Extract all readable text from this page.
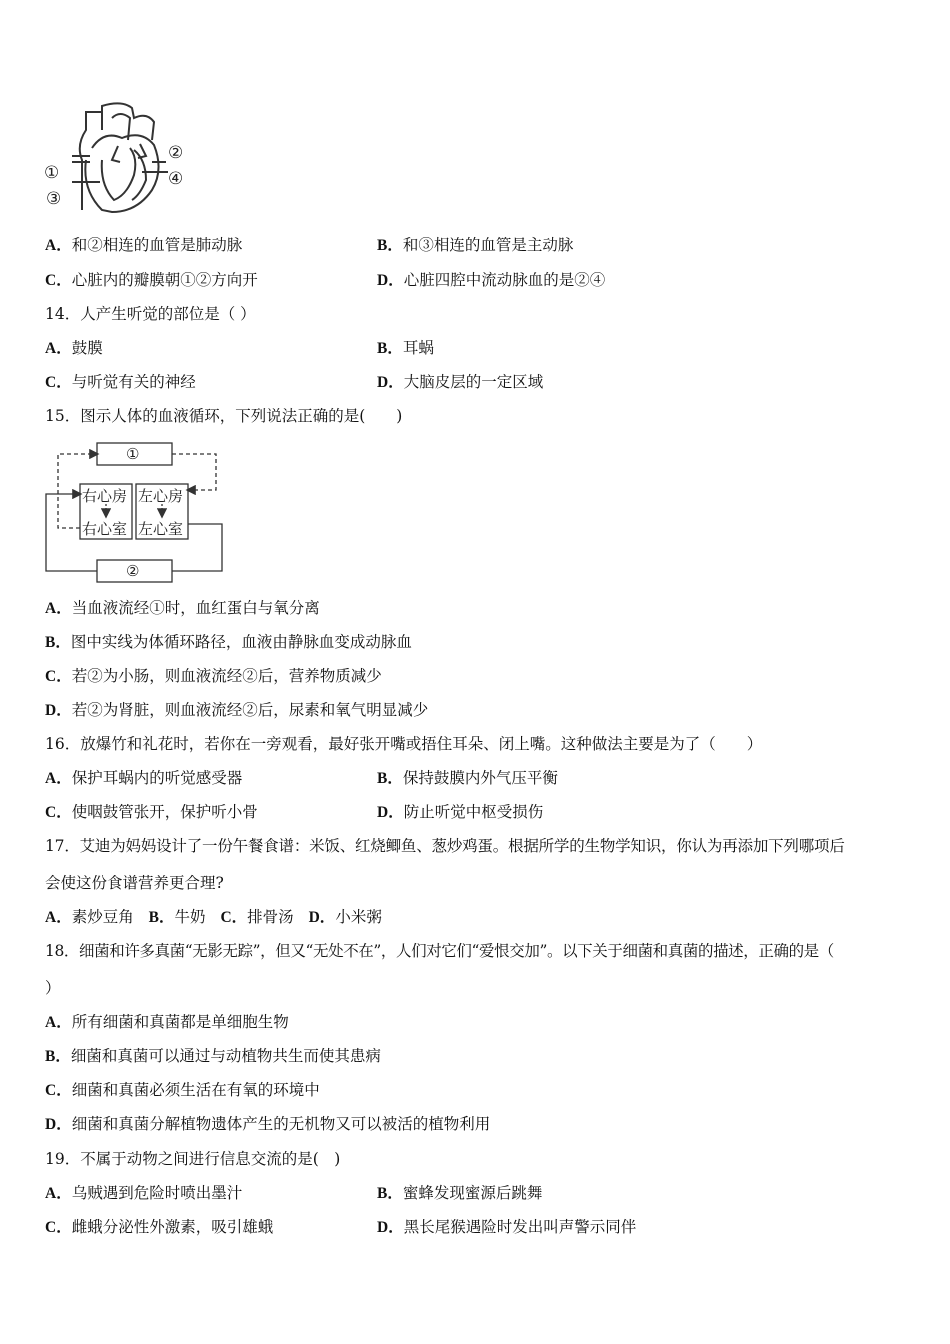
①
②
③
④
A．和②相连的血管是肺动脉	B．和③相连的血管是主动脉
C．心脏内的瓣膜朝①②方向开	D．心脏四腔中流动脉血的是②④
14．人产生听觉的部位是（ ）
A．鼓膜	B．耳蜗
C．与听觉有关的神经	D．大脑皮层的一定区域
15．图示人体的血液循环，下列说法正确的是(　　)
①
②
右心房
右心室
左心房
左心室
A．当血液流经①时，血红蛋白与氧分离
B．图中实线为体循环路径，血液由静脉血变成动脉血
C．若②为小肠，则血液流经②后，营养物质减少
D．若②为肾脏，则血液流经②后，尿素和氧气明显减少
16．放爆竹和礼花时，若你在一旁观看，最好张开嘴或捂住耳朵、闭上嘴。这种做法主要是为了（　　）
A．保护耳蜗内的听觉感受器	B．保持鼓膜内外气压平衡
C．使咽鼓管张开，保护听小骨	D．防止听觉中枢受损伤
17．艾迪为妈妈设计了一份午餐食谱：米饭、红烧鲫鱼、葱炒鸡蛋。根据所学的生物学知识，你认为再添加下列哪项后
会使这份食谱营养更合理?
A．素炒豆角 B．牛奶 C．排骨汤 D．小米粥
18．细菌和许多真菌“无影无踪”，但又“无处不在”，人们对它们“爱恨交加”。以下关于细菌和真菌的描述，正确的是（
）
A．所有细菌和真菌都是单细胞生物
B．细菌和真菌可以通过与动植物共生而使其患病
C．细菌和真菌必须生活在有氧的环境中
D．细菌和真菌分解植物遗体产生的无机物又可以被活的植物利用
19．不属于动物之间进行信息交流的是(　)
A．乌贼遇到危险时喷出墨汁	B．蜜蜂发现蜜源后跳舞
C．雌蛾分泌性外激素，吸引雄蛾	D．黑长尾猴遇险时发出叫声警示同伴
